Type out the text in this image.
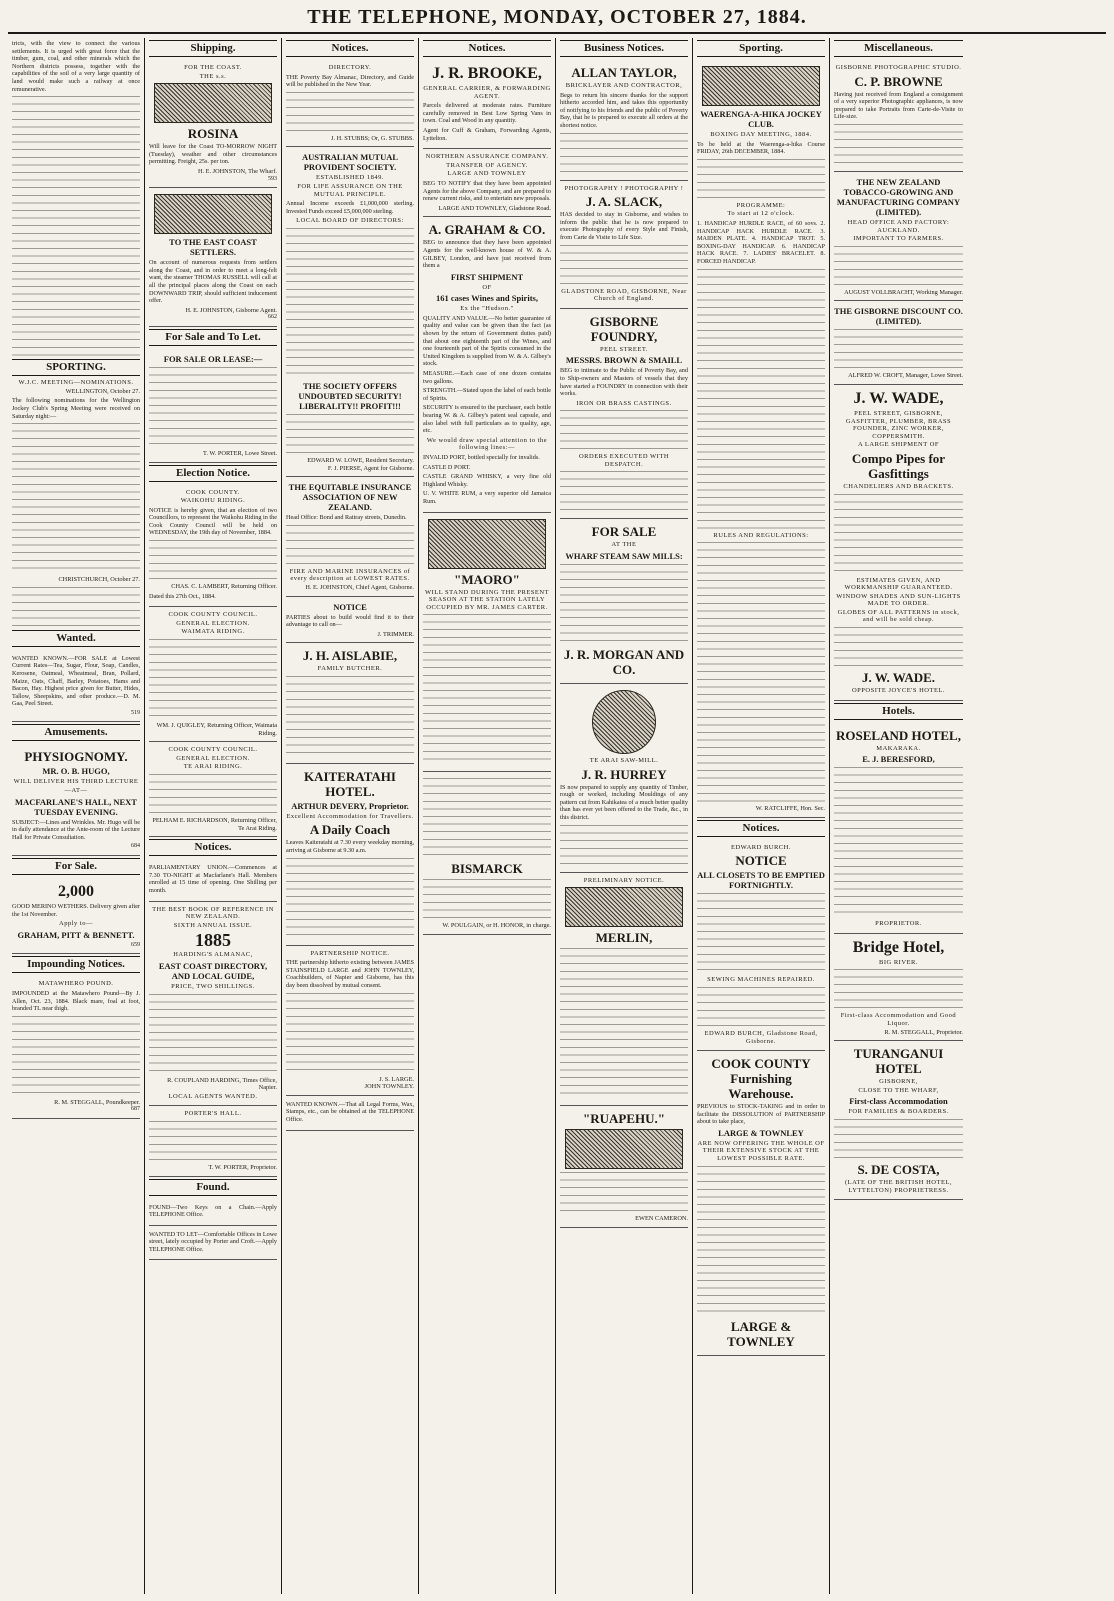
THE TELEPHONE, MONDAY, OCTOBER 27, 1884.
tricts, with the view to connect the various settlements. It is urged with great force that the timber, gum, coal, and other minerals which the Northern districts possess, together with the capabilities of the soil of a very large quantity of land would make such a railway at once remunerative.
SPORTING.
W.J.C. MEETING—NOMINATIONS.
WELLINGTON, October 27.
The following nominations for the Wellington Jockey Club's Spring Meeting were received on Saturday night:—
CHRISTCHURCH, October 27.
Wanted.
WANTED KNOWN.—FOR SALE at Lowest Current Rates—Tea, Sugar, Flour, Soap, Candles, Kerosene, Oatmeal, Wheatmeal, Bran, Pollard, Maize, Oats, Chaff, Barley, Potatoes, Hams and Bacon, Hay. Highest price given for Butter, Hides, Tallow, Sheepskins, and other produce.—D. M. Gaa, Peel Street.
519
Amusements.
PHYSIOGNOMY.
MR. O. B. HUGO,
WILL DELIVER HIS THIRD LECTURE
—AT—
MACFARLANE'S HALL, NEXT TUESDAY EVENING.
SUBJECT:—Lines and Wrinkles. Mr. Hugo will be in daily attendance at the Ante-room of the Lecture Hall for Private Consultation.
684
For Sale.
2,000
GOOD MERINO WETHERS. Delivery given after the 1st November.
Apply to—
GRAHAM, PITT & BENNETT.
659
Impounding Notices.
MATAWHERO POUND.
IMPOUNDED at the Matawhero Pound—By J. Allen, Oct. 23, 1884. Black mare, foal at foot, branded TL near thigh.
R. M. STEGGALL, Poundkeeper.
687
Shipping.
FOR THE COAST.
THE s.s.
ROSINA
Will leave for the Coast TO-MORROW NIGHT (Tuesday), weather and other circumstances permitting. Freight, 25s. per ton.
H. E. JOHNSTON, The Wharf.
593
TO THE EAST COAST SETTLERS.
On account of numerous requests from settlers along the Coast, and in order to meet a long-felt want, the steamer THOMAS RUSSELL will call at all the principal places along the Coast on each DOWNWARD TRIP, should sufficient inducement offer.
H. E. JOHNSTON, Gisborne Agent.
662
For Sale and To Let.
FOR SALE OR LEASE:—
T. W. PORTER, Lowe Street.
Election Notice.
COOK COUNTY.
WAIKOHU RIDING.
NOTICE is hereby given, that an election of two Councillors, to represent the Waikohu Riding in the Cook County Council will be held on WEDNESDAY, the 19th day of November, 1884.
CHAS. C. LAMBERT, Returning Officer.
Dated this 27th Oct., 1884.
COOK COUNTY COUNCIL.
GENERAL ELECTION.
WAIMATA RIDING.
WM. J. QUIGLEY, Returning Officer, Waimata Riding.
COOK COUNTY COUNCIL.
GENERAL ELECTION.
TE ARAI RIDING.
PELHAM E. RICHARDSON, Returning Officer, Te Arai Riding.
Notices.
PARLIAMENTARY UNION.—Commences at 7.30 TO-NIGHT at Macfarlane's Hall. Members enrolled at 15 time of opening. One Shilling per month.
THE BEST BOOK OF REFERENCE IN NEW ZEALAND.
SIXTH ANNUAL ISSUE.
1885
HARDING'S ALMANAC,
EAST COAST DIRECTORY, AND LOCAL GUIDE,
PRICE, TWO SHILLINGS.
R. COUPLAND HARDING, Times Office, Napier.
LOCAL AGENTS WANTED.
PORTER'S HALL.
T. W. PORTER, Proprietor.
Found.
FOUND—Two Keys on a Chain.—Apply TELEPHONE Office.
WANTED TO LET—Comfortable Offices in Lowe street, lately occupied by Porter and Croft.—Apply TELEPHONE Office.
Notices.
DIRECTORY.
THE Poverty Bay Almanac, Directory, and Guide will be published in the New Year.
J. H. STUBBS; Or, G. STUBBS.
AUSTRALIAN MUTUAL PROVIDENT SOCIETY.
ESTABLISHED 1849.
FOR LIFE ASSURANCE ON THE MUTUAL PRINCIPLE.
Annual Income exceeds £1,000,000 sterling. Invested Funds exceed £5,000,000 sterling.
LOCAL BOARD OF DIRECTORS:
THE SOCIETY OFFERS UNDOUBTED SECURITY! LIBERALITY!! PROFIT!!!
EDWARD W. LOWE, Resident Secretary.
F. J. PIERSE, Agent for Gisborne.
THE EQUITABLE INSURANCE ASSOCIATION OF NEW ZEALAND.
Head Office: Bond and Rattray streets, Dunedin.
FIRE AND MARINE INSURANCES of every description at LOWEST RATES.
H. E. JOHNSTON, Chief Agent, Gisborne.
NOTICE
PARTIES about to build would find it to their advantage to call on—
J. TRIMMER.
J. H. AISLABIE,
FAMILY BUTCHER.
KAITERATAHI HOTEL.
ARTHUR DEVERY, Proprietor.
Excellent Accommodation for Travellers.
A Daily Coach
Leaves Kaiteratahi at 7.30 every weekday morning, arriving at Gisborne at 9.30 a.m.
PARTNERSHIP NOTICE.
THE partnership hitherto existing between JAMES STAINSFIELD LARGE and JOHN TOWNLEY, Coachbuilders, of Napier and Gisborne, has this day been dissolved by mutual consent.
J. S. LARGE.
JOHN TOWNLEY.
WANTED KNOWN.—That all Legal Forms, Wax, Stamps, etc., can be obtained at the TELEPHONE Office.
Notices.
J. R. BROOKE,
GENERAL CARRIER, & FORWARDING AGENT.
Parcels delivered at moderate rates. Furniture carefully removed in Best Low Spring Vans in town. Coal and Wood in any quantity.
Agent for Cuff & Graham, Forwarding Agents, Lyttelton.
NORTHERN ASSURANCE COMPANY.
TRANSFER OF AGENCY.
LARGE AND TOWNLEY
BEG TO NOTIFY that they have been appointed Agents for the above Company, and are prepared to renew current risks, and to entertain new proposals.
LARGE AND TOWNLEY, Gladstone Road.
A. GRAHAM & CO.
BEG to announce that they have been appointed Agents for the well-known house of W. & A. GILBEY, London, and have just received from them a
FIRST SHIPMENT
OF
161 cases Wines and Spirits,
Ex the "Hudson."
QUALITY AND VALUE.—No better guarantee of quality and value can be given than the fact (as shown by the return of Government duties paid) that about one eighteenth part of the Wines, and one fourteenth part of the Spirits consumed in the United Kingdom is supplied from W. & A. Gilbey's stock.
MEASURE.—Each case of one dozen contains two gallons.
STRENGTH.—Stated upon the label of each bottle of Spirits.
SECURITY is ensured to the purchaser, each bottle bearing W. & A. Gilbey's patent seal capsule, and also label with full particulars as to quality, age, etc.
We would draw special attention to the following lines:—
INVALID PORT, bottled specially for invalids.
CASTLE D PORT.
CASTLE GRAND WHISKY, a very fine old Highland Whisky.
U. V. WHITE RUM, a very superior old Jamaica Rum.
"MAORO"
WILL STAND DURING THE PRESENT SEASON AT THE STATION LATELY OCCUPIED BY MR. JAMES CARTER.
BISMARCK
W. POULGAIN, or H. HONOR, in charge.
Business Notices.
ALLAN TAYLOR,
BRICKLAYER AND CONTRACTOR,
Begs to return his sincere thanks for the support hitherto accorded him, and takes this opportunity of notifying to his friends and the public of Poverty Bay, that he is prepared to execute all orders at the shortest notice.
PHOTOGRAPHY ! PHOTOGRAPHY !
J. A. SLACK,
HAS decided to stay in Gisborne, and wishes to inform the public that he is now prepared to execute Photography of every Style and Finish, from Carte de Visite to Life Size.
GLADSTONE ROAD, GISBORNE, Near Church of England.
GISBORNE FOUNDRY,
PEEL STREET.
MESSRS. BROWN & SMAILL
BEG to intimate to the Public of Poverty Bay, and to Ship-owners and Masters of vessels that they have started a FOUNDRY in connection with their works.
IRON OR BRASS CASTINGS.
ORDERS EXECUTED WITH DESPATCH.
FOR SALE
AT THE
WHARF STEAM SAW MILLS:
J. R. MORGAN AND CO.
TE ARAI SAW-MILL.
J. R. HURREY
IS now prepared to supply any quantity of Timber, rough or worked, including Mouldings of any pattern cut from Kahikatea of a much better quality than has ever yet been offered to the Trade, &c., in this district.
PRELIMINARY NOTICE.
MERLIN,
"RUAPEHU."
EWEN CAMERON.
Sporting.
WAERENGA-A-HIKA JOCKEY CLUB.
BOXING DAY MEETING, 1884.
To be held at the Waerenga-a-hika Course FRIDAY, 26th DECEMBER, 1884.
PROGRAMME:
To start at 12 o'clock.
1. HANDICAP HURDLE RACE, of 60 sovs. 2. HANDICAP HACK HURDLE RACE. 3. MAIDEN PLATE. 4. HANDICAP TROT. 5. BOXING-DAY HANDICAP. 6. HANDICAP HACK RACE. 7. LADIES' BRACELET. 8. FORCED HANDICAP.
RULES AND REGULATIONS:
W. RATCLIFFE, Hon. Sec.
Notices.
EDWARD BURCH.
NOTICE
ALL CLOSETS TO BE EMPTIED FORTNIGHTLY.
SEWING MACHINES REPAIRED.
EDWARD BURCH, Gladstone Road, Gisborne.
COOK COUNTY Furnishing Warehouse.
PREVIOUS to STOCK-TAKING and in order to facilitate the DISSOLUTION of PARTNERSHIP about to take place,
LARGE & TOWNLEY
ARE NOW OFFERING THE WHOLE OF THEIR EXTENSIVE STOCK AT THE LOWEST POSSIBLE RATE.
LARGE & TOWNLEY
Miscellaneous.
GISBORNE PHOTOGRAPHIC STUDIO.
C. P. BROWNE
Having just received from England a consignment of a very superior Photographic appliances, is now prepared to take Portraits from Carte-de-Visite to Life-size.
THE NEW ZEALAND TOBACCO-GROWING AND MANUFACTURING COMPANY (LIMITED).
HEAD OFFICE AND FACTORY: AUCKLAND.
IMPORTANT TO FARMERS.
AUGUST VOLLBRACHT, Working Manager.
THE GISBORNE DISCOUNT CO. (LIMITED).
ALFRED W. CROFT, Manager, Lowe Street.
J. W. WADE,
PEEL STREET, GISBORNE, GASFITTER, PLUMBER, BRASS FOUNDER, ZINC WORKER, COPPERSMITH.
A LARGE SHIPMENT OF
Compo Pipes for Gasfittings
CHANDELIERS AND BRACKETS.
ESTIMATES GIVEN, AND WORKMANSHIP GUARANTEED.
WINDOW SHADES AND SUN-LIGHTS MADE TO ORDER.
GLOBES OF ALL PATTERNS in stock, and will be sold cheap.
J. W. WADE.
OPPOSITE JOYCE'S HOTEL.
Hotels.
ROSELAND HOTEL,
MAKARAKA.
E. J. BERESFORD,
PROPRIETOR.
Bridge Hotel,
BIG RIVER.
First-class Accommodation and Good Liquor.
R. M. STEGGALL, Proprietor.
TURANGANUI HOTEL
GISBORNE,
CLOSE TO THE WHARF,
First-class Accommodation
FOR FAMILIES & BOARDERS.
S. DE COSTA,
(LATE OF THE BRITISH HOTEL, LYTTELTON) PROPRIETRESS.
